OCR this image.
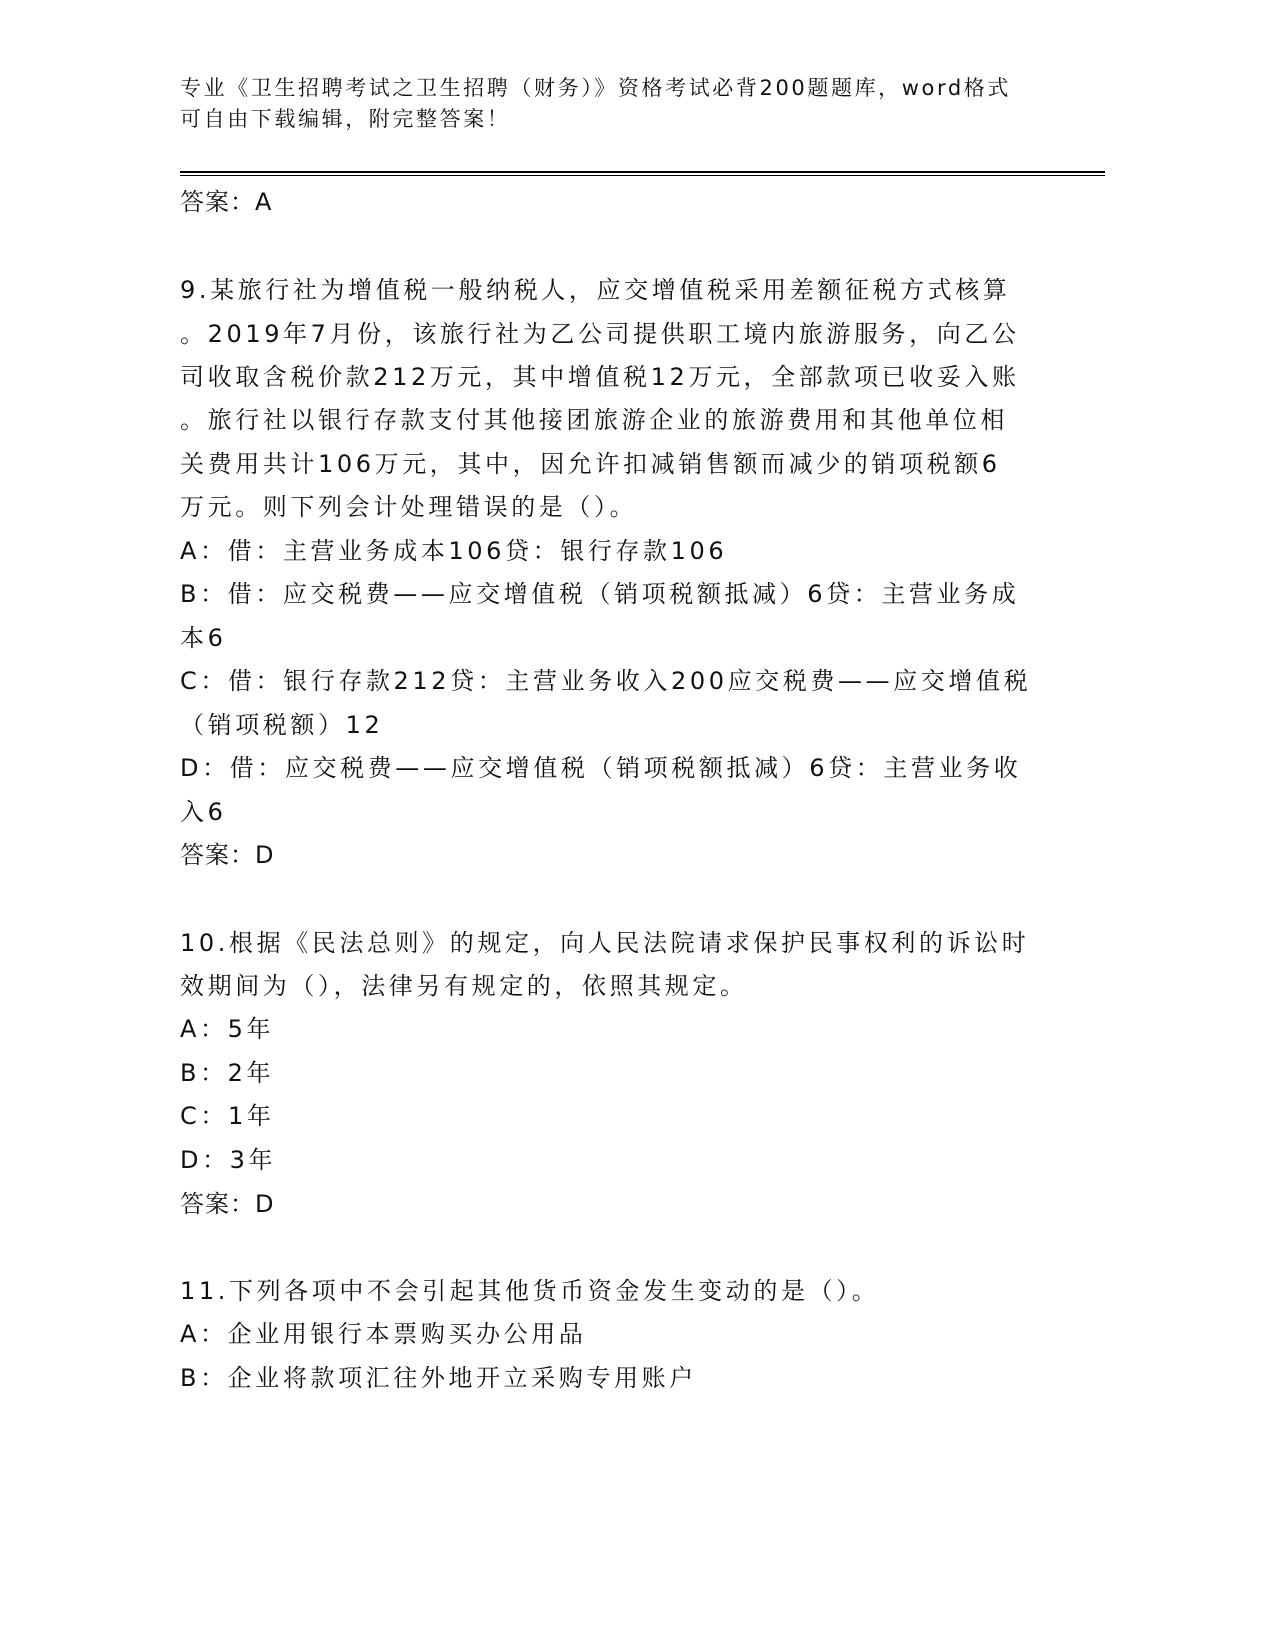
专业《卫生招聘考试之卫生招聘（财务）》资格考试必背200题题库，word格式
可自由下载编辑，附完整答案！
答案：A
9.某旅行社为增值税一般纳税人，应交增值税采用差额征税方式核算
。2019年7月份，该旅行社为乙公司提供职工境内旅游服务，向乙公
司收取含税价款212万元，其中增值税12万元，全部款项已收妥入账
。旅行社以银行存款支付其他接团旅游企业的旅游费用和其他单位相
关费用共计106万元，其中，因允许扣减销售额而减少的销项税额6
万元。则下列会计处理错误的是（）。
A：借：主营业务成本106贷：银行存款106
B：借：应交税费——应交增值税（销项税额抵减）6贷：主营业务成
本6
C：借：银行存款212贷：主营业务收入200应交税费——应交增值税
（销项税额）12
D：借：应交税费——应交增值税（销项税额抵减）6贷：主营业务收
入6
答案：D
10.根据《民法总则》的规定，向人民法院请求保护民事权利的诉讼时
效期间为（），法律另有规定的，依照其规定。
A：5年
B：2年
C：1年
D：3年
答案：D
11.下列各项中不会引起其他货币资金发生变动的是（）。
A：企业用银行本票购买办公用品
B：企业将款项汇往外地开立采购专用账户
